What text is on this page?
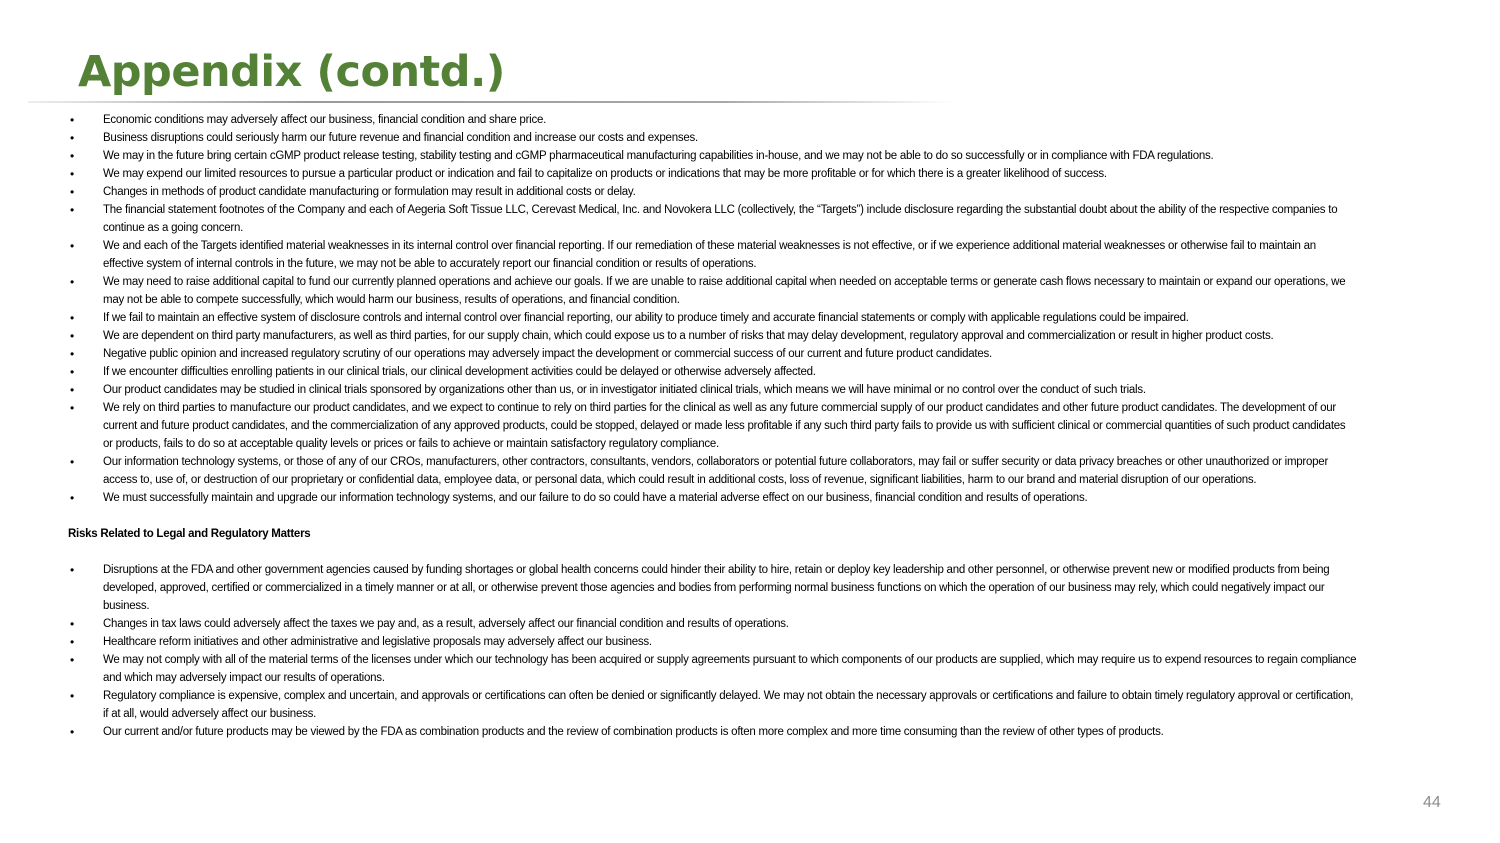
Appendix (contd.)
• Economic conditions may adversely affect our business, financial condition and share price.
• Business disruptions could seriously harm our future revenue and financial condition and increase our costs and expenses.
• We may in the future bring certain cGMP product release testing, stability testing and cGMP pharmaceutical manufacturing capabilities in-house, and we may not be able to do so successfully or in compliance with FDA regulations.
• We may expend our limited resources to pursue a particular product or indication and fail to capitalize on products or indications that may be more profitable or for which there is a greater likelihood of success.
• Changes in methods of product candidate manufacturing or formulation may result in additional costs or delay.
• The financial statement footnotes of the Company and each of Aegeria Soft Tissue LLC, Cerevast Medical, Inc. and Novokera LLC (collectively, the “Targets”) include disclosure regarding the substantial doubt about the ability of the respective companies to continue as a going concern.
• We and each of the Targets identified material weaknesses in its internal control over financial reporting. If our remediation of these material weaknesses is not effective, or if we experience additional material weaknesses or otherwise fail to maintain an effective system of internal controls in the future, we may not be able to accurately report our financial condition or results of operations.
• We may need to raise additional capital to fund our currently planned operations and achieve our goals. If we are unable to raise additional capital when needed on acceptable terms or generate cash flows necessary to maintain or expand our operations, we may not be able to compete successfully, which would harm our business, results of operations, and financial condition.
• If we fail to maintain an effective system of disclosure controls and internal control over financial reporting, our ability to produce timely and accurate financial statements or comply with applicable regulations could be impaired.
• We are dependent on third party manufacturers, as well as third parties, for our supply chain, which could expose us to a number of risks that may delay development, regulatory approval and commercialization or result in higher product costs.
• Negative public opinion and increased regulatory scrutiny of our operations may adversely impact the development or commercial success of our current and future product candidates.
• If we encounter difficulties enrolling patients in our clinical trials, our clinical development activities could be delayed or otherwise adversely affected.
• Our product candidates may be studied in clinical trials sponsored by organizations other than us, or in investigator initiated clinical trials, which means we will have minimal or no control over the conduct of such trials.
• We rely on third parties to manufacture our product candidates, and we expect to continue to rely on third parties for the clinical as well as any future commercial supply of our product candidates and other future product candidates. The development of our current and future product candidates, and the commercialization of any approved products, could be stopped, delayed or made less profitable if any such third party fails to provide us with sufficient clinical or commercial quantities of such product candidates or products, fails to do so at acceptable quality levels or prices or fails to achieve or maintain satisfactory regulatory compliance.
• Our information technology systems, or those of any of our CROs, manufacturers, other contractors, consultants, vendors, collaborators or potential future collaborators, may fail or suffer security or data privacy breaches or other unauthorized or improper access to, use of, or destruction of our proprietary or confidential data, employee data, or personal data, which could result in additional costs, loss of revenue, significant liabilities, harm to our brand and material disruption of our operations.
• We must successfully maintain and upgrade our information technology systems, and our failure to do so could have a material adverse effect on our business, financial condition and results of operations.
Risks Related to Legal and Regulatory Matters
• Disruptions at the FDA and other government agencies caused by funding shortages or global health concerns could hinder their ability to hire, retain or deploy key leadership and other personnel, or otherwise prevent new or modified products from being developed, approved, certified or commercialized in a timely manner or at all, or otherwise prevent those agencies and bodies from performing normal business functions on which the operation of our business may rely, which could negatively impact our business.
• Changes in tax laws could adversely affect the taxes we pay and, as a result, adversely affect our financial condition and results of operations.
• Healthcare reform initiatives and other administrative and legislative proposals may adversely affect our business.
• We may not comply with all of the material terms of the licenses under which our technology has been acquired or supply agreements pursuant to which components of our products are supplied, which may require us to expend resources to regain compliance and which may adversely impact our results of operations.
• Regulatory compliance is expensive, complex and uncertain, and approvals or certifications can often be denied or significantly delayed. We may not obtain the necessary approvals or certifications and failure to obtain timely regulatory approval or certification, if at all, would adversely affect our business.
• Our current and/or future products may be viewed by the FDA as combination products and the review of combination products is often more complex and more time consuming than the review of other types of products.
44
